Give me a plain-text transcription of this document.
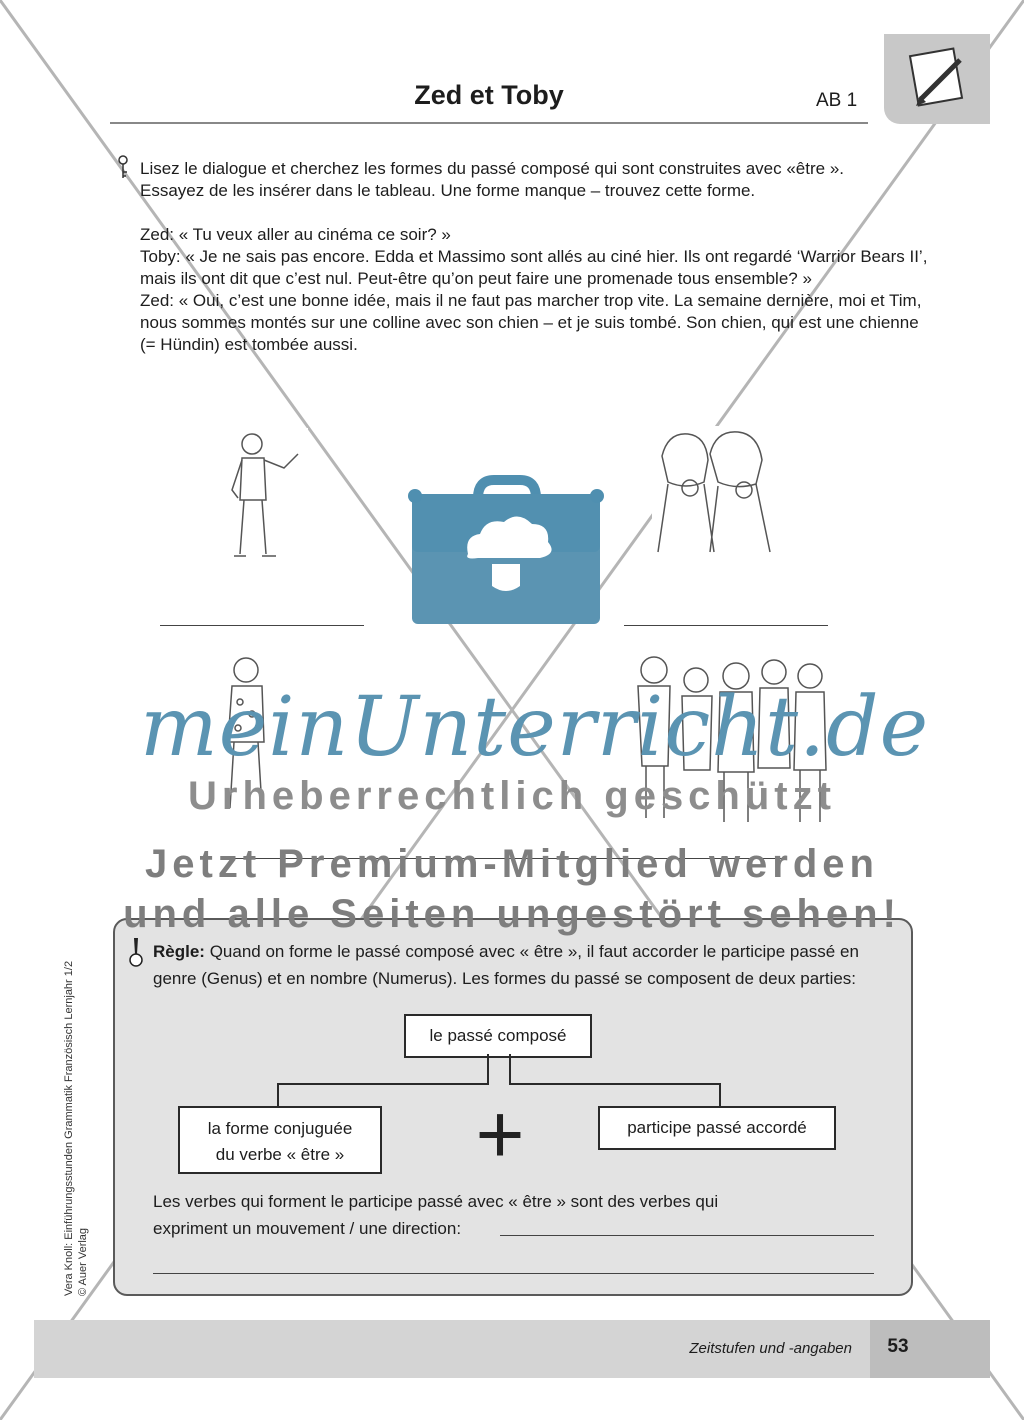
Zed et Toby	AB 1
Lisez le dialogue et cherchez les formes du passé composé qui sont construites avec «être ». Essayez de les insérer dans le tableau. Une forme manque – trouvez cette forme.

Zed: « Tu veux aller au cinéma ce soir? »

Toby: « Je ne sais pas encore. Edda et Massimo sont allés au ciné hier. Ils ont regardé ‘Warrior Bears II’, mais ils ont dit que c’est nul. Peut-être qu’on peut faire une promenade tous ensemble? »

Zed: « Oui, c’est une bonne idée, mais il ne faut pas marcher trop vite. La semaine dernière, moi et Tim, nous sommes montés sur une colline avec son chien – et je suis tombé. Son chien, qui est une chienne (= Hündin) est tombée aussi.

meinUnterricht.de
Urheberrechtlich geschützt
Jetzt Premium-Mitglied werden
und alle Seiten ungestört sehen!
Règle: Quand on forme le passé composé avec « être », il faut accorder le participe passé en genre (Genus) et en nombre (Numerus). Les formes du passé se composent de deux parties:
le passé composé
la forme conjuguée
du verbe « être »	+	participe passé accordé
Les verbes qui forment le participe passé avec « être » sont des verbes qui
expriment un mouvement / une direction:
Vera Knoll: Einführungsstunden Grammatik Französisch Lernjahr 1/2 © Auer Verlag
Zeitstufen und -angaben	53
